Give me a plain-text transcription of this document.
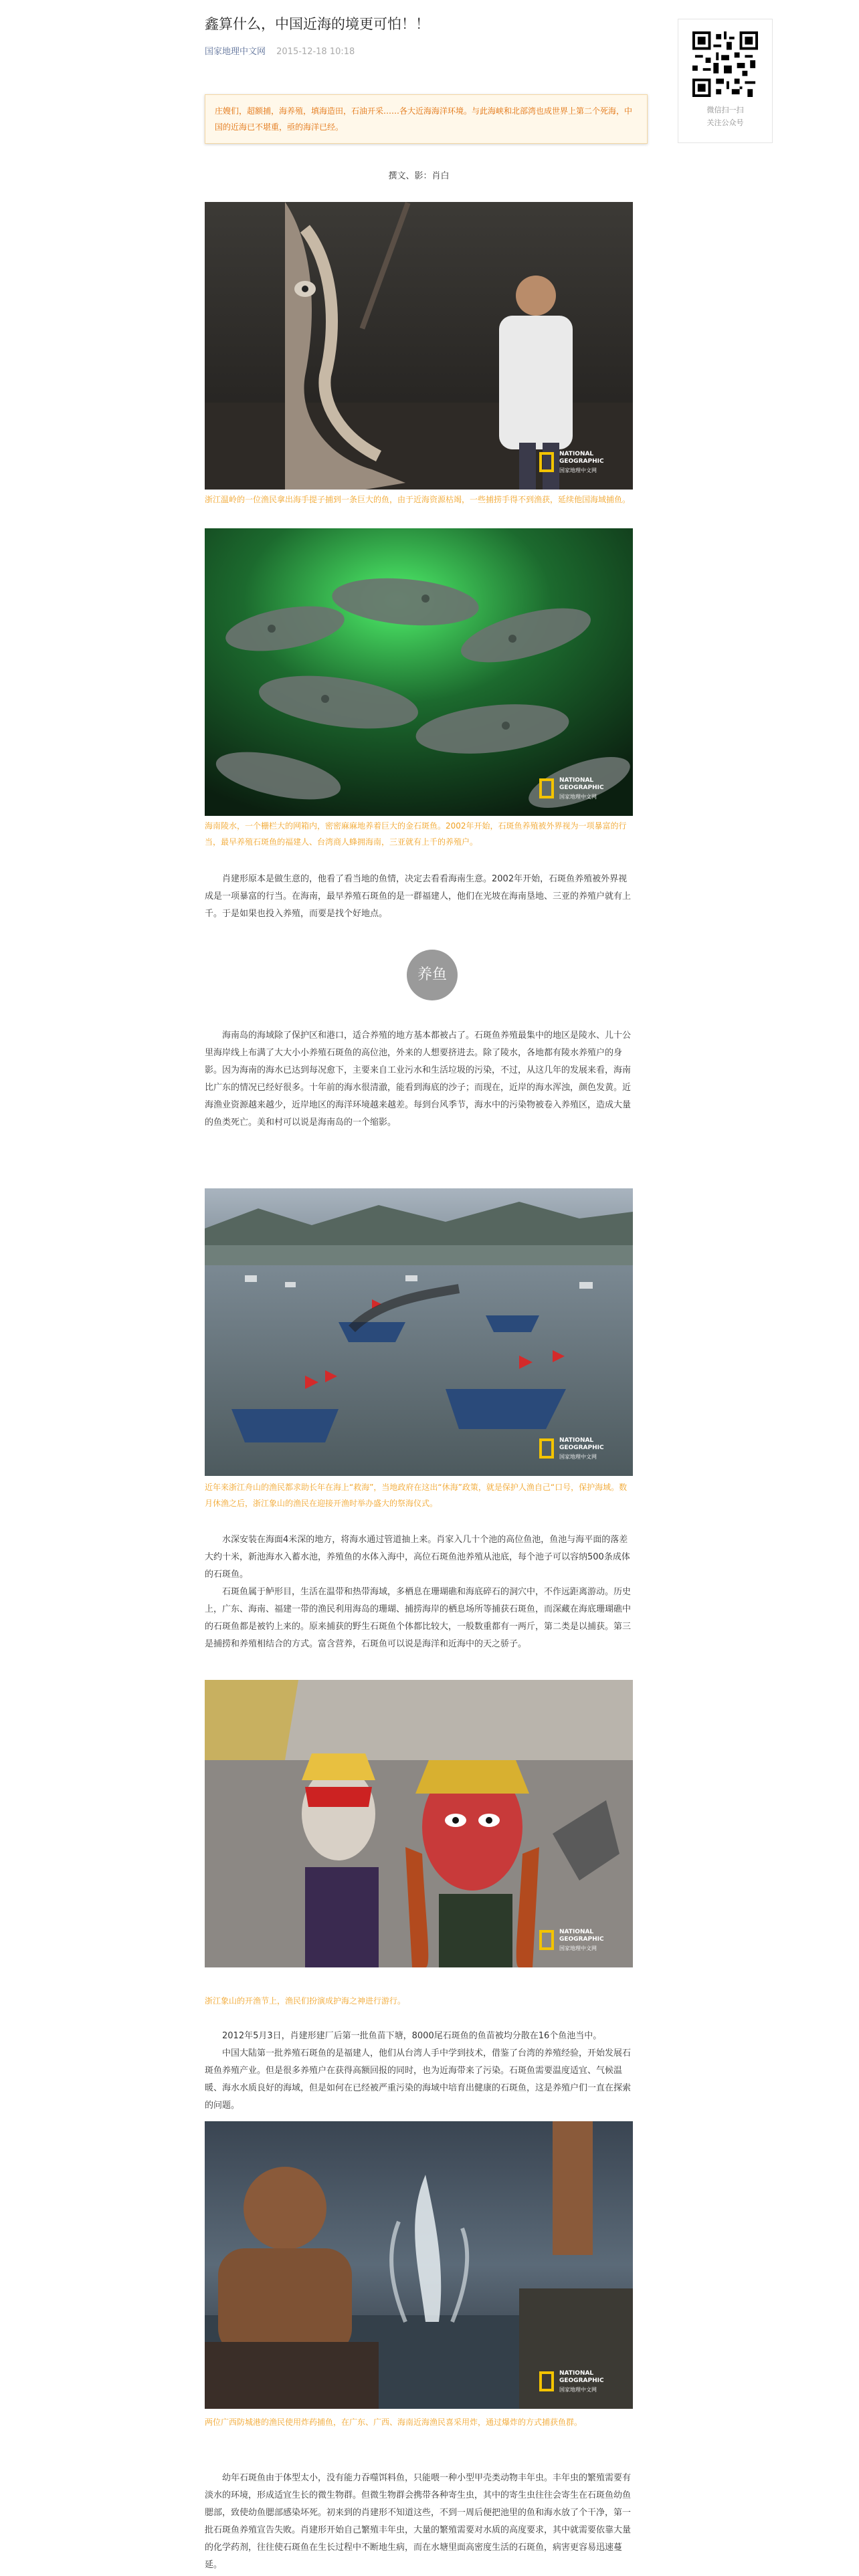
微信扫一扫
关注公众号
鑫算什么，中国近海的境更可怕！！
国家地理中文网 2015-12-18 10:18
庄嫂们，超额捕，海养殖，填海造田，石油开采……各大近海海洋环境。与此海峡和北部湾也成世界上第二个死海，中国的近海已不堪重，亟的海洋已经。
撰文、影：肖白
NATIONAL
GEOGRAPHIC
国家地理中文网
浙江温岭的一位渔民拿出海手提子捕到一条巨大的鱼，由于近海资源枯竭，一些捕捞手得不到渔获，延续他国海域捕鱼。
NATIONAL
GEOGRAPHIC
国家地理中文网
海南陵水，一个栅栏大的网箱内，密密麻麻地养着巨大的金石斑鱼。2002年开始，石斑鱼养殖被外界视为一项暴富的行当，最早养殖石斑鱼的福建人、台湾商人蜂拥海南，三亚就有上千的养殖户。

肖建形原本是做生意的，他看了看当地的鱼情，决定去看看海南生意。2002年开始，石斑鱼养殖被外界视成是一项暴富的行当。在海南，最早养殖石斑鱼的是一群福建人，他们在光坡在海南垦地、三亚的养殖户就有上千。于是如果也投入养殖，而要是找个好地点。

养鱼

海南岛的海域除了保护区和港口，适合养殖的地方基本都被占了。石斑鱼养殖最集中的地区是陵水、儿十公里海岸线上布满了大大小小养殖石斑鱼的高位池，外来的人想要挤进去。除了陵水，各地都有陵水养殖户的身影。因为海南的海水已达到每况愈下，主要来自工业污水和生活垃圾的污染，不过，从这几年的发展来看，海南比广东的情况已经好很多。十年前的海水很清澈，能看到海底的沙子；而现在，近岸的海水浑浊，颜色发黄。近海渔业资源越来越少，近岸地区的海洋环境越来越差。每到台风季节，海水中的污染物被卷入养殖区，造成大量的鱼类死亡。美和村可以说是海南岛的一个缩影。

NATIONAL
GEOGRAPHIC
国家地理中文网
近年来浙江舟山的渔民都求助长年在海上“救海”，当地政府在这出“休海”政策，就是保护人渔自己“口号，保护海域。数月休渔之后，浙江象山的渔民在迎接开渔时举办盛大的祭海仪式。

水深安装在海面4米深的地方，将海水通过管道抽上来。肖家入几十个池的高位鱼池，鱼池与海平面的落差大约十米，新池海水入蓄水池，养殖鱼的水体入海中，高位石斑鱼池养殖从池底，每个池子可以容纳500条成体的石斑鱼。

石斑鱼属于鲈形目，生活在温带和热带海域，多栖息在珊瑚礁和海底碎石的洞穴中，不作远距离游动。历史上，广东、海南、福建一带的渔民利用海岛的珊瑚、捕捞海岸的栖息场所等捕获石斑鱼，而深藏在海底珊瑚礁中的石斑鱼都是被钓上来的。原来捕获的野生石斑鱼个体都比较大，一般数重都有一两斤，第二类是以捕获。第三是捕捞和养殖相结合的方式。富含营养，石斑鱼可以说是海洋和近海中的天之骄子。

NATIONAL
GEOGRAPHIC
国家地理中文网
浙江象山的开渔节上，渔民们扮演成护海之神进行游行。

2012年5月3日，肖建形建厂后第一批鱼苗下塘，8000尾石斑鱼的鱼苗被均分散在16个鱼池当中。

中国大陆第一批养殖石斑鱼的是福建人，他们从台湾人手中学到技术，借鉴了台湾的养殖经验，开始发展石斑鱼养殖产业。但是很多养殖户在获得高额回报的同时，也为近海带来了污染。石斑鱼需要温度适宜、气候温暖、海水水质良好的海域，但是如何在已经被严重污染的海域中培育出健康的石斑鱼，这是养殖户们一直在探索的问题。

NATIONAL
GEOGRAPHIC
国家地理中文网
两位广西防城港的渔民使用炸药捕鱼，在广东、广西、海南近海渔民喜采用炸，通过爆炸的方式捕获鱼群。

幼年石斑鱼由于体型太小，没有能力吞噬饵料鱼，只能喂一种小型甲壳类动物丰年虫。丰年虫的繁殖需要有淡水的环境，形成适宜生长的微生物群。但微生物群会携带各种寄生虫，其中的寄生虫往往会寄生在石斑鱼幼鱼腮部，致使幼鱼腮部感染坏死。初来到的肖建形不知道这些，不到一周后便把池里的鱼和海水放了个干净，第一批石斑鱼养殖宣告失败。肖建形开始自己繁殖丰年虫，大量的繁殖需要对水质的高度要求，其中就需要依靠大量的化学药剂，往往使石斑鱼在生长过程中不断地生病，而在水塘里面高密度生活的石斑鱼，病害更容易迅速蔓延。
